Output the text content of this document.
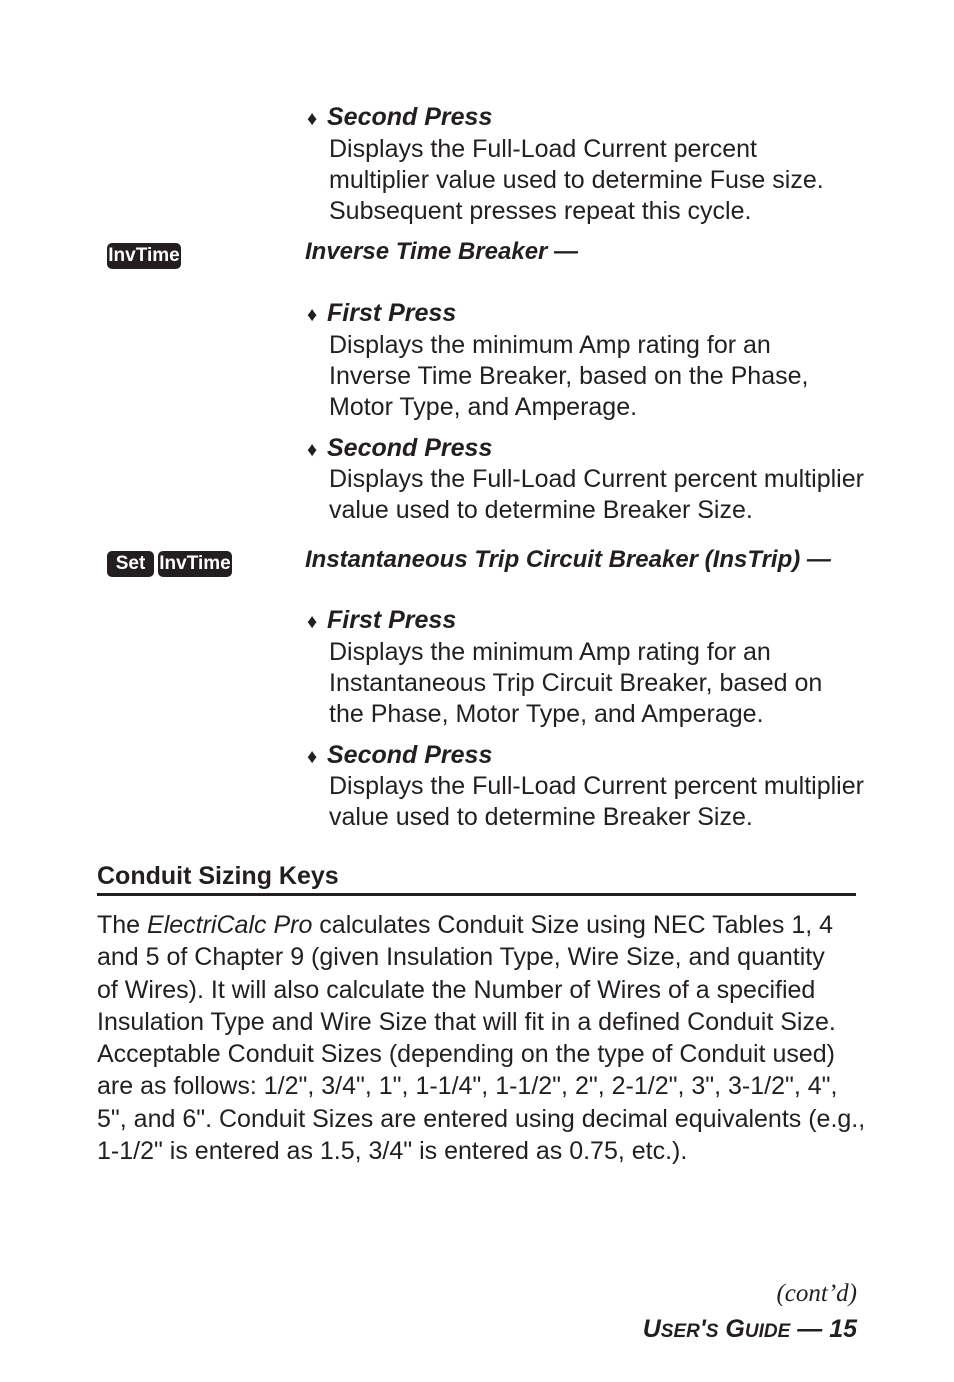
♦ Second Press
Displays the Full-Load Current percent
multiplier value used to determine Fuse size.
Subsequent presses repeat this cycle.
InvTime	Inverse Time Breaker —
♦ First Press
Displays the minimum Amp rating for an
Inverse Time Breaker, based on the Phase,
Motor Type, and Amperage.
♦ Second Press
Displays the Full-Load Current percent multiplier
value used to determine Breaker Size.
Set InvTime	Instantaneous Trip Circuit Breaker (InsTrip) —
♦ First Press
Displays the minimum Amp rating for an
Instantaneous Trip Circuit Breaker, based on
the Phase, Motor Type, and Amperage.
♦ Second Press
Displays the Full-Load Current percent multiplier
value used to determine Breaker Size.
Conduit Sizing Keys
The ElectriCalc Pro calculates Conduit Size using NEC Tables 1, 4
and 5 of Chapter 9 (given Insulation Type, Wire Size, and quantity
of Wires). It will also calculate the Number of Wires of a specified
Insulation Type and Wire Size that will fit in a defined Conduit Size.
Acceptable Conduit Sizes (depending on the type of Conduit used)
are as follows: 1/2", 3/4", 1", 1-1/4", 1-1/2", 2", 2-1/2", 3", 3-1/2", 4",
5", and 6". Conduit Sizes are entered using decimal equivalents (e.g.,
1-1/2" is entered as 1.5, 3/4" is entered as 0.75, etc.).
(cont’d)
USER'S GUIDE — 15
